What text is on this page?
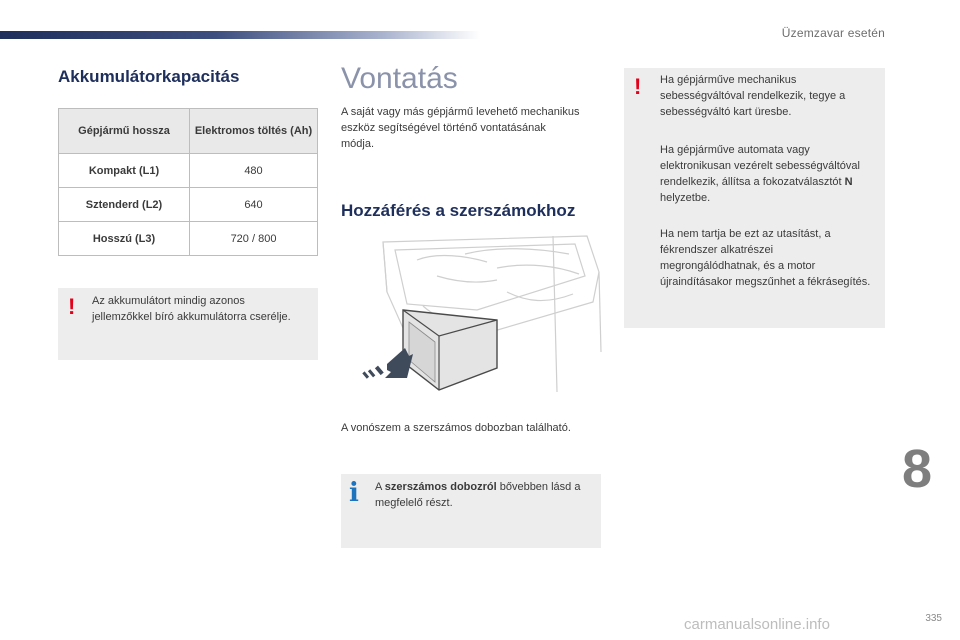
Üzemzavar esetén
Akkumulátorkapacitás
Gépjármű hossza	Elektromos töltés (Ah)
Kompakt (L1)	480
Sztenderd (L2)	640
Hosszú (L3)	720 / 800
! Az akkumulátort mindig azonos jellemzőkkel bíró akkumulátorra cserélje.
Vontatás
A saját vagy más gépjármű levehető mechanikus eszköz segítségével történő vontatásának módja.
Hozzáférés a szerszámokhoz
A vonószem a szerszámos dobozban található.
i A szerszámos dobozról bővebben lásd a megfelelő részt.
! Ha gépjárműve mechanikus sebességváltóval rendelkezik, tegye a sebességváltó kart üresbe.
Ha gépjárműve automata vagy elektronikusan vezérelt sebességváltóval rendelkezik, állítsa a fokozatválasztót N helyzetbe.
Ha nem tartja be ezt az utasítást, a fékrendszer alkatrészei megrongálódhatnak, és a motor újraindításakor megszűnhet a fékrásegítés.
8
335
carmanualsonline.info
